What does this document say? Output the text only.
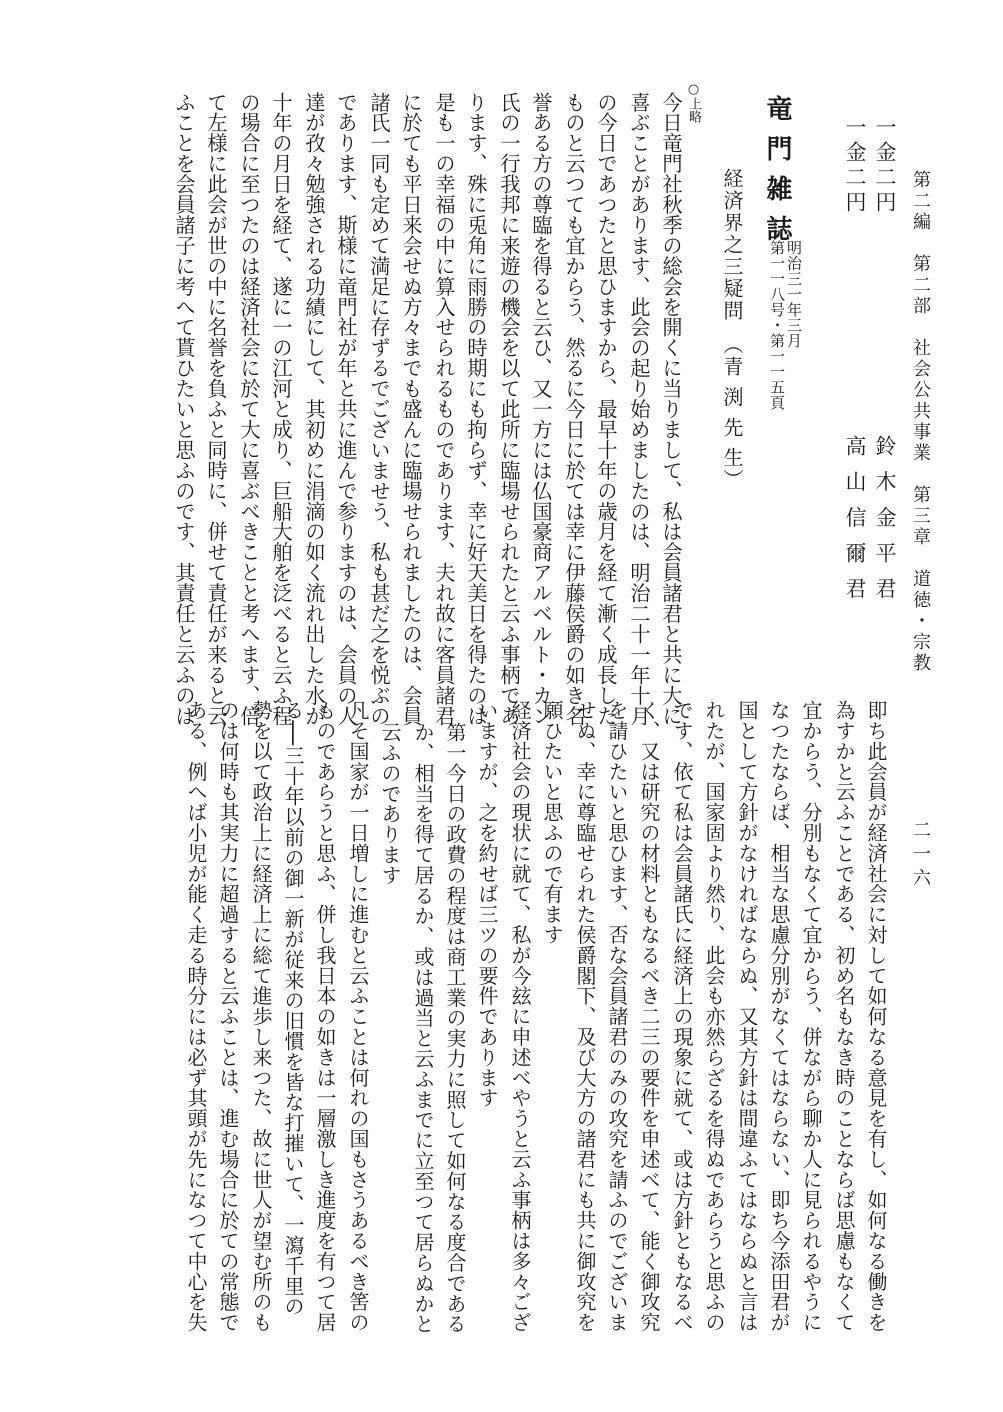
第二編　第二部　社会公共事業　第三章　道徳・宗教
二一六
一金二円
鈴 木 金 平 君
一金二円
高 山 信 爾 君
竜門雑誌
第一一八号・第一一五頁 明治三一年三月
経済界之三疑問　（青 渕 先 生）
○上略
今日竜門社秋季の総会を開くに当りまして、私は会員諸君と共に大に
喜ぶことがあります、此会の起り始めましたのは、明治二十一年十月
の今日であつたと思ひますから、最早十年の歳月を経て漸く成長した
ものと云つても宜からう、然るに今日に於ては幸に伊藤侯爵の如き名
誉ある方の尊臨を得ると云ひ、又一方には仏国豪商アルベルト・カン
氏の一行我邦に来遊の機会を以て此所に臨場せられたと云ふ事柄であ
ります、殊に兎角に雨勝の時期にも拘らず、幸に好天美日を得たのは
是も一の幸福の中に算入せられるものであります、夫れ故に客員諸君
に於ても平日来会せぬ方々までも盛んに臨場せられましたのは、会員
諸氏一同も定めて満足に存ずるでございませう、私も甚だ之を悦ぶの
であります、斯様に竜門社が年と共に進んで参りますのは、会員の人
達が孜々勉強される功績にして、其初めに涓滴の如く流れ出した水が
十年の月日を経て、遂に一の江河と成り、巨船大舶を泛べると云ふ程
の場合に至つたのは経済社会に於て大に喜ぶべきことと考へます、倍
て左様に此会が世の中に名誉を負ふと同時に、併せて責任が来ると云
ふことを会員諸子に考へて貰ひたいと思ふのです、其責任と云ふのは
即ち此会員が経済社会に対して如何なる意見を有し、如何なる働きを
為すかと云ふことである、初め名もなき時のことならば思慮もなくて
宜からう、分別もなくて宜からう、併ながら聊か人に見られるやうに
なつたならば、相当な思慮分別がなくてはならない、即ち今添田君が
国として方針がなければならぬ、又其方針は間違ふてはならぬと言は
れたが、国家固より然り、此会も亦然らざるを得ぬであらうと思ふの
です、依て私は会員諸氏に経済上の現象に就て、或は方針ともなるべ
く、又は研究の材料ともなるべき二三の要件を申述べて、能く御攻究
を請ひたいと思ひます、否な会員諸君のみの攻究を請ふのでございま
せぬ、幸に尊臨せられた侯爵閣下、及び大方の諸君にも共に御攻究を
願ひたいと思ふので有ます
経済社会の現状に就て、私が今玆に申述べやうと云ふ事柄は多々ござ
いますが、之を約せば三ツの要件であります
第一今日の政費の程度は商工業の実力に照して如何なる度合である
か、相当を得て居るか、或は過当と云ふまでに立至つて居らぬかと
云ふのであります
凡そ国家が一日増しに進むと云ふことは何れの国もさうあるべき筈の
ものであらうと思ふ、併し我日本の如きは一層激しき進度を有つて居
る──三十年以前の御一新が従来の旧慣を皆な打摧いて、一瀉千里の
勢を以て政治上に経済上に総て進歩し来つた、故に世人が望む所のも
のは何時も其実力に超過すると云ふことは、進む場合に於ての常態で
ある、例へば小児が能く走る時分には必ず其頭が先になつて中心を失
